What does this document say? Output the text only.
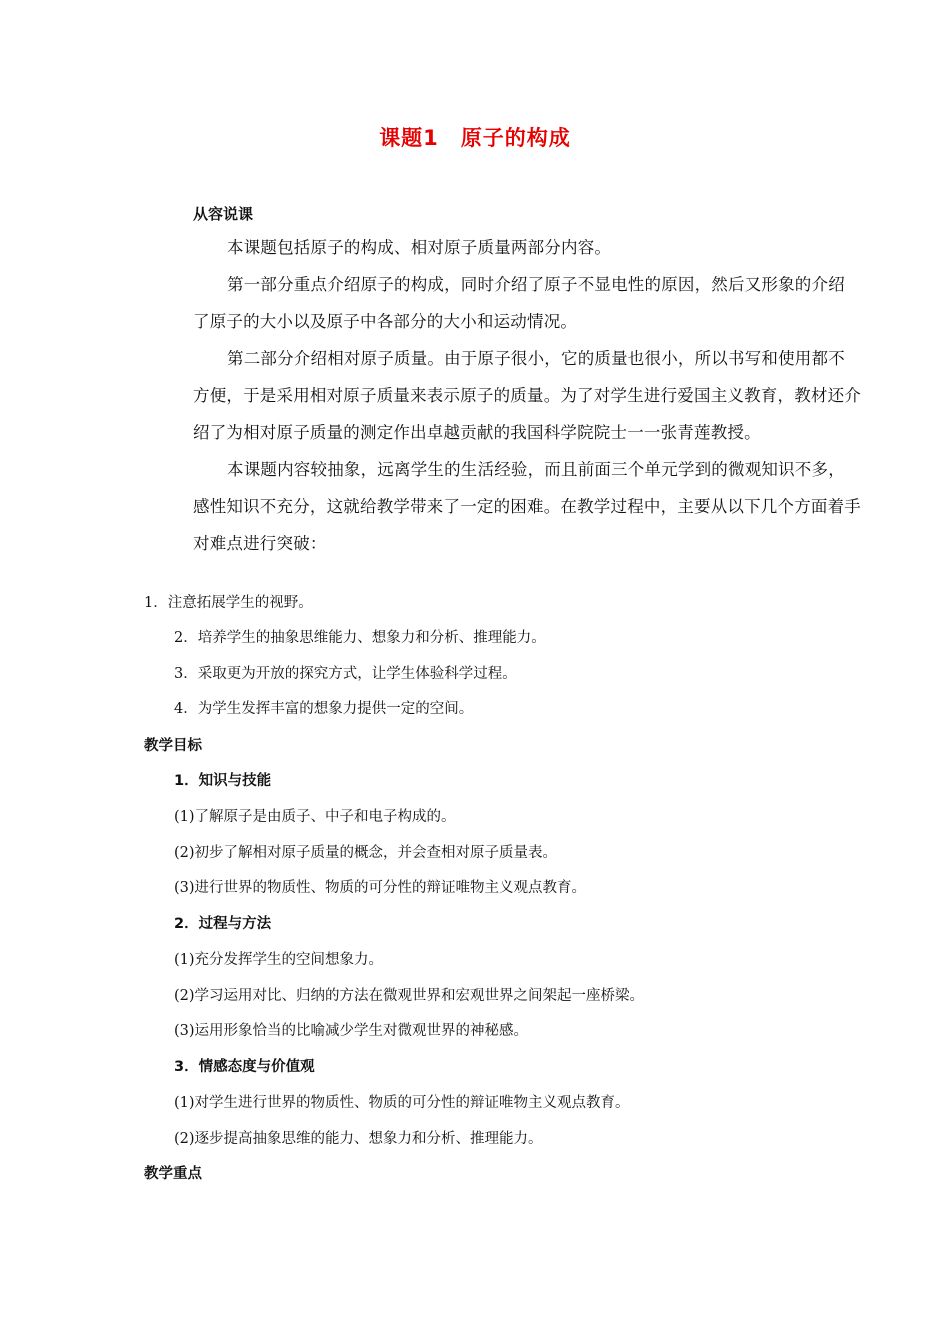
课题1 原子的构成
从容说课
本课题包括原子的构成、相对原子质量两部分内容。
第一部分重点介绍原子的构成，同时介绍了原子不显电性的原因，然后又形象的介绍了原子的大小以及原子中各部分的大小和运动情况。
第二部分介绍相对原子质量。由于原子很小，它的质量也很小，所以书写和使用都不方便，于是采用相对原子质量来表示原子的质量。为了对学生进行爱国主义教育，教材还介绍了为相对原子质量的测定作出卓越贡献的我国科学院院士一一张青莲教授。
本课题内容较抽象，远离学生的生活经验，而且前面三个单元学到的微观知识不多，感性知识不充分，这就给教学带来了一定的困难。在教学过程中，主要从以下几个方面着手对难点进行突破：
1．注意拓展学生的视野。
2．培养学生的抽象思维能力、想象力和分析、推理能力。
3．采取更为开放的探究方式，让学生体验科学过程。
4．为学生发挥丰富的想象力提供一定的空间。
教学目标
1．知识与技能
(1)了解原子是由质子、中子和电子构成的。
(2)初步了解相对原子质量的概念，并会查相对原子质量表。
(3)进行世界的物质性、物质的可分性的辩证唯物主义观点教育。
2．过程与方法
(1)充分发挥学生的空间想象力。
(2)学习运用对比、归纳的方法在微观世界和宏观世界之间架起一座桥梁。
(3)运用形象恰当的比喻减少学生对微观世界的神秘感。
3．情感态度与价值观
(1)对学生进行世界的物质性、物质的可分性的辩证唯物主义观点教育。
(2)逐步提高抽象思维的能力、想象力和分析、推理能力。
教学重点
